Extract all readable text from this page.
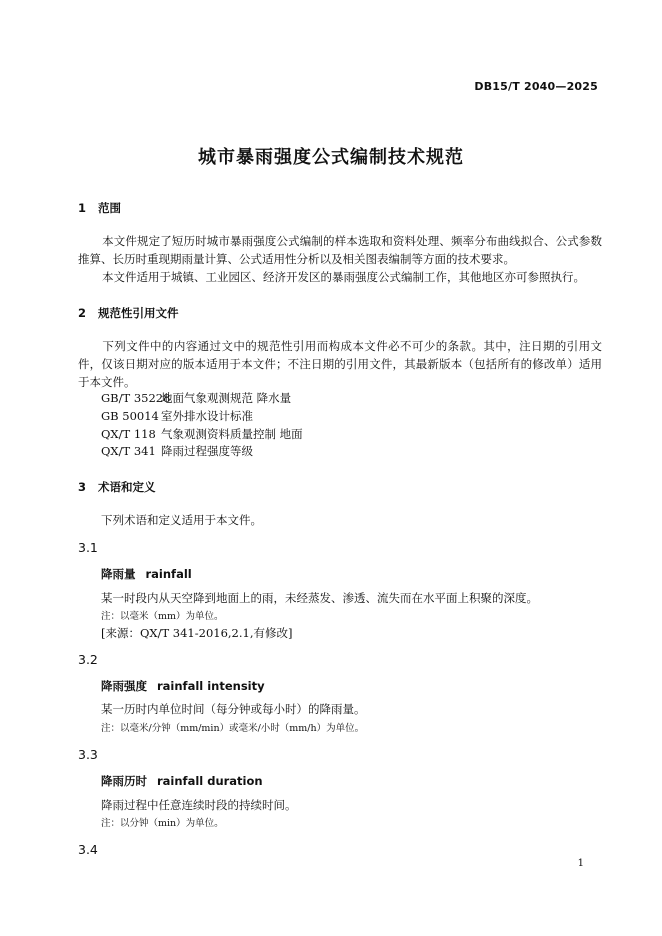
DB15/T 2040—2025
城市暴雨强度公式编制技术规范
1 范围
本文件规定了短历时城市暴雨强度公式编制的样本选取和资料处理、频率分布曲线拟合、公式参数推算、长历时重现期雨量计算、公式适用性分析以及相关图表编制等方面的技术要求。
本文件适用于城镇、工业园区、经济开发区的暴雨强度公式编制工作，其他地区亦可参照执行。
2 规范性引用文件
下列文件中的内容通过文中的规范性引用而构成本文件必不可少的条款。其中，注日期的引用文件，仅该日期对应的版本适用于本文件；不注日期的引用文件，其最新版本（包括所有的修改单）适用于本文件。
GB/T 35228地面气象观测规范 降水量
GB 50014 室外排水设计标准
QX/T 118 气象观测资料质量控制 地面
QX/T 341 降雨过程强度等级
3 术语和定义
下列术语和定义适用于本文件。
3.1
降雨量 rainfall
某一时段内从天空降到地面上的雨，未经蒸发、渗透、流失而在水平面上积聚的深度。
注：以毫米（mm）为单位。
[来源：QX/T 341-2016,2.1,有修改]
3.2
降雨强度 rainfall intensity
某一历时内单位时间（每分钟或每小时）的降雨量。
注：以毫米/分钟（mm/min）或毫米/小时（mm/h）为单位。
3.3
降雨历时 rainfall duration
降雨过程中任意连续时段的持续时间。
注：以分钟（min）为单位。
3.4
1
